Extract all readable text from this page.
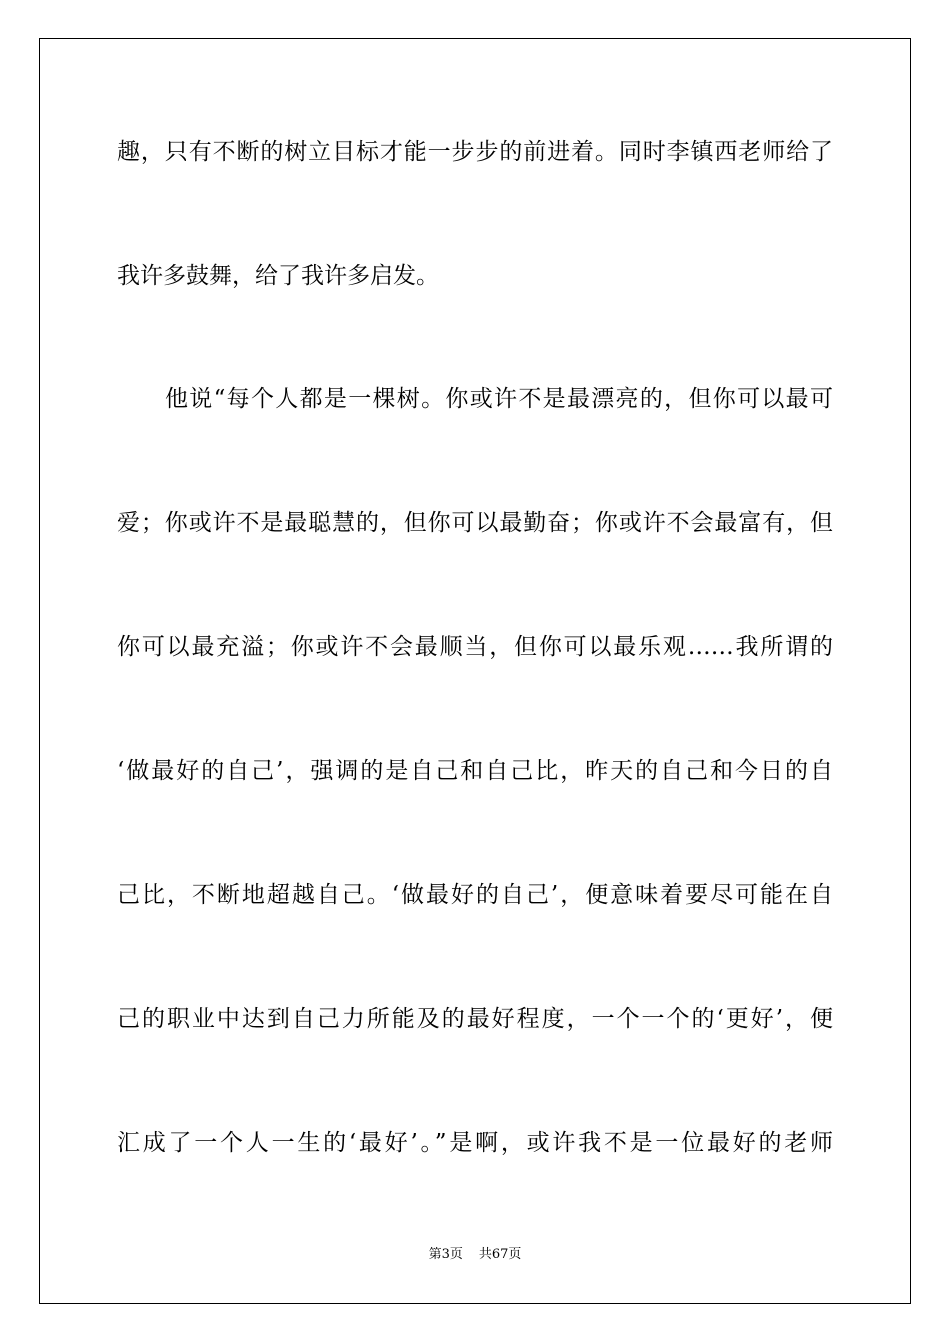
趣，只有不断的树立目标才能一步步的前进着。同时李镇西老师给了
我许多鼓舞，给了我许多启发。
他说“每个人都是一棵树。你或许不是最漂亮的，但你可以最可
爱；你或许不是最聪慧的，但你可以最勤奋；你或许不会最富有，但
你可以最充溢；你或许不会最顺当，但你可以最乐观……我所谓的
‘做最好的自己’，强调的是自己和自己比，昨天的自己和今日的自
己比，不断地超越自己。‘做最好的自己’，便意味着要尽可能在自
己的职业中达到自己力所能及的最好程度，一个一个的‘更好’，便
汇成了一个人一生的‘最好’。”是啊，或许我不是一位最好的老师
第3页 共67页
